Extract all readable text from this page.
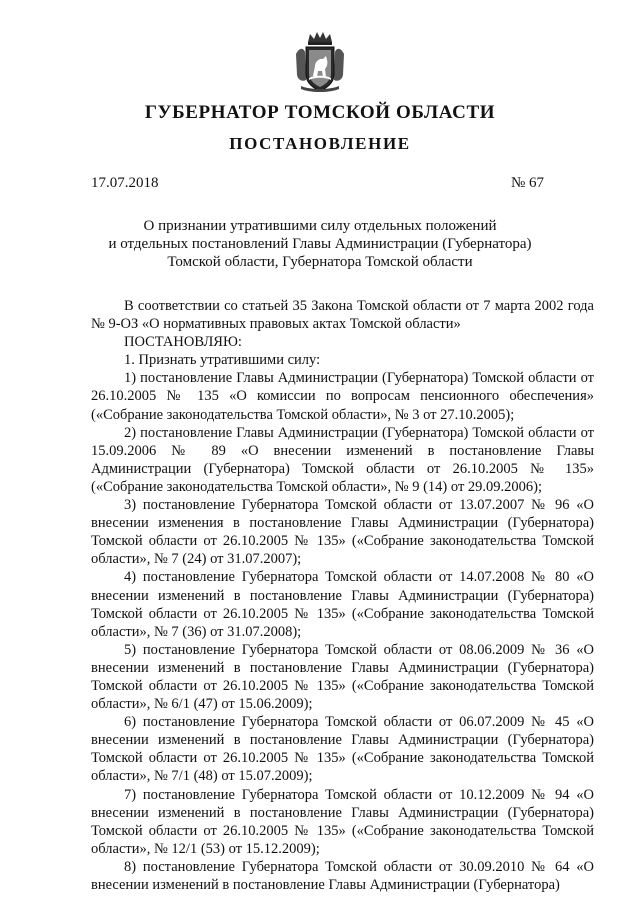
ГУБЕРНАТОР ТОМСКОЙ ОБЛАСТИ
ПОСТАНОВЛЕНИЕ
17.07.2018	№ 67
О признании утратившими силу отдельных положений
и отдельных постановлений Главы Администрации (Губернатора)
Томской области, Губернатора Томской области

В соответствии со статьей 35 Закона Томской области от 7 марта 2002 года № 9-ОЗ «О нормативных правовых актах Томской области»

ПОСТАНОВЛЯЮ:

1. Признать утратившими силу:

1) постановление Главы Администрации (Губернатора) Томской области от 26.10.2005 № 135 «О комиссии по вопросам пенсионного обеспечения» («Собрание законодательства Томской области», № 3 от 27.10.2005);

2) постановление Главы Администрации (Губернатора) Томской области от 15.09.2006 № 89 «О внесении изменений в постановление Главы Администрации (Губернатора) Томской области от 26.10.2005 № 135» («Собрание законодательства Томской области», № 9 (14) от 29.09.2006);

3) постановление Губернатора Томской области от 13.07.2007 № 96 «О внесении изменения в постановление Главы Администрации (Губернатора) Томской области от 26.10.2005 № 135» («Собрание законодательства Томской области», № 7 (24) от 31.07.2007);

4) постановление Губернатора Томской области от 14.07.2008 № 80 «О внесении изменений в постановление Главы Администрации (Губернатора) Томской области от 26.10.2005 № 135» («Собрание законодательства Томской области», № 7 (36) от 31.07.2008);

5) постановление Губернатора Томской области от 08.06.2009 № 36 «О внесении изменений в постановление Главы Администрации (Губернатора) Томской области от 26.10.2005 № 135» («Собрание законодательства Томской области», № 6/1 (47) от 15.06.2009);

6) постановление Губернатора Томской области от 06.07.2009 № 45 «О внесении изменений в постановление Главы Администрации (Губернатора) Томской области от 26.10.2005 № 135» («Собрание законодательства Томской области», № 7/1 (48) от 15.07.2009);

7) постановление Губернатора Томской области от 10.12.2009 № 94 «О внесении изменений в постановление Главы Администрации (Губернатора) Томской области от 26.10.2005 № 135» («Собрание законодательства Томской области», № 12/1 (53) от 15.12.2009);

8) постановление Губернатора Томской области от 30.09.2010 № 64 «О внесении изменений в постановление Главы Администрации (Губернатора)
